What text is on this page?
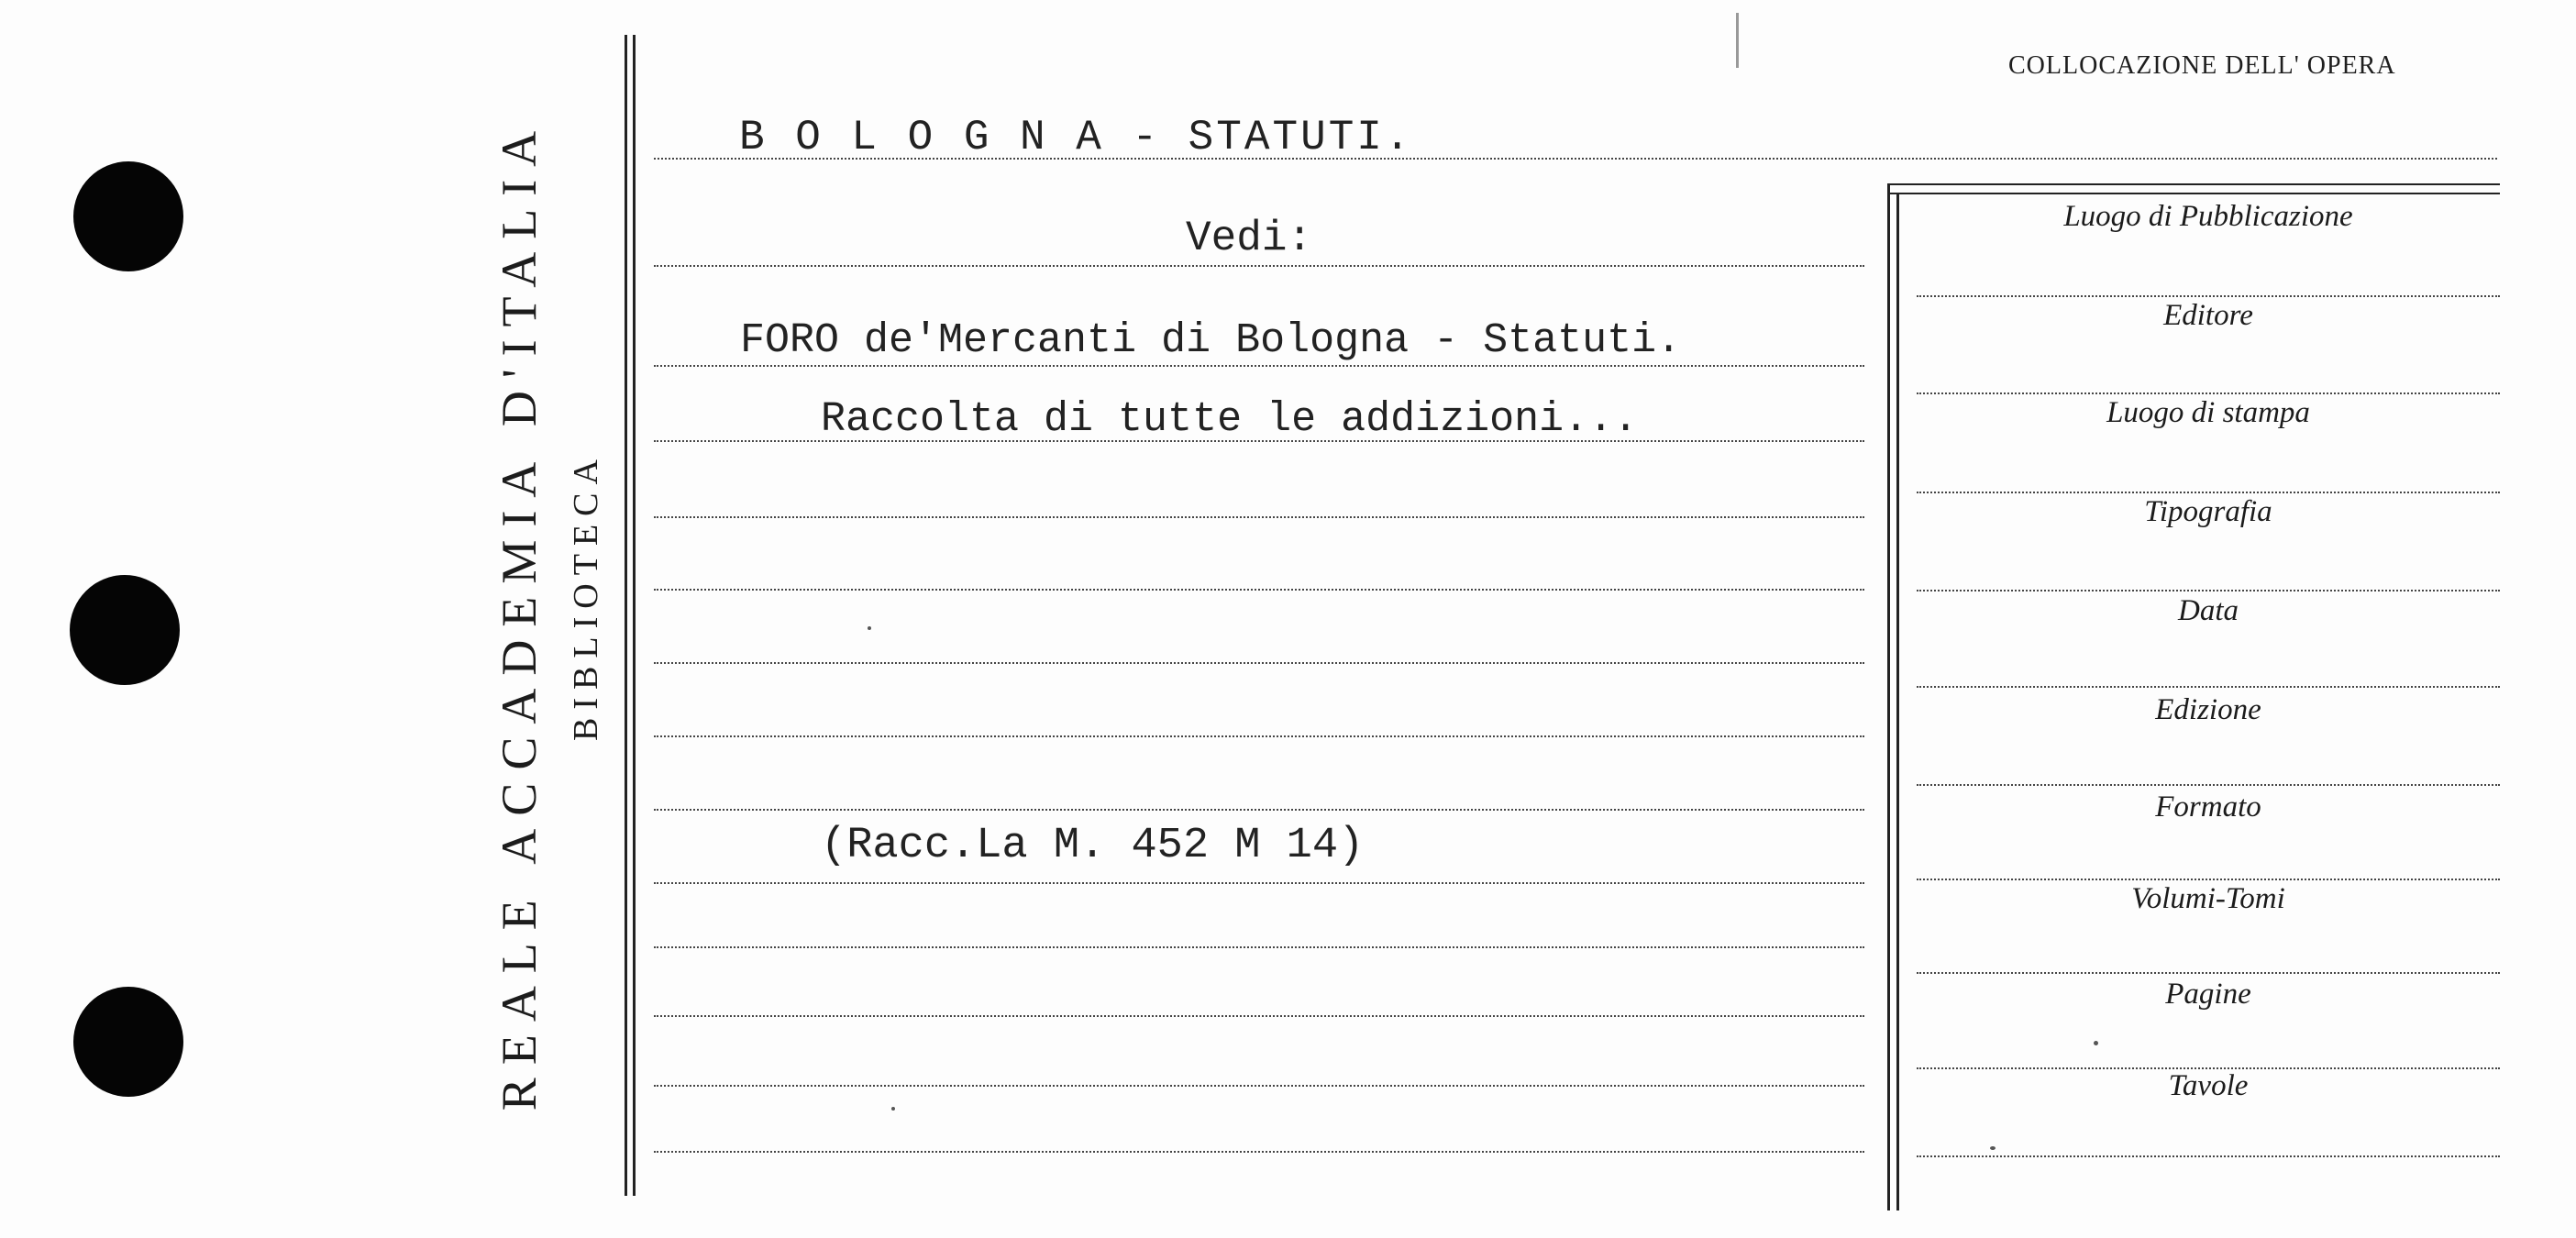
REALE ACCADEMIA D'ITALIA BIBLIOTECA
COLLOCAZIONE DELL' OPERA
B O L O G N A - STATUTI.
Vedi:
FORO de'Mercanti di Bologna - Statuti.
Raccolta di tutte le addizioni...
(Racc.La M. 452 M 14)
Luogo di Pubblicazione
Editore
Luogo di stampa
Tipografia
Data
Edizione
Formato
Volumi-Tomi
Pagine
Tavole
